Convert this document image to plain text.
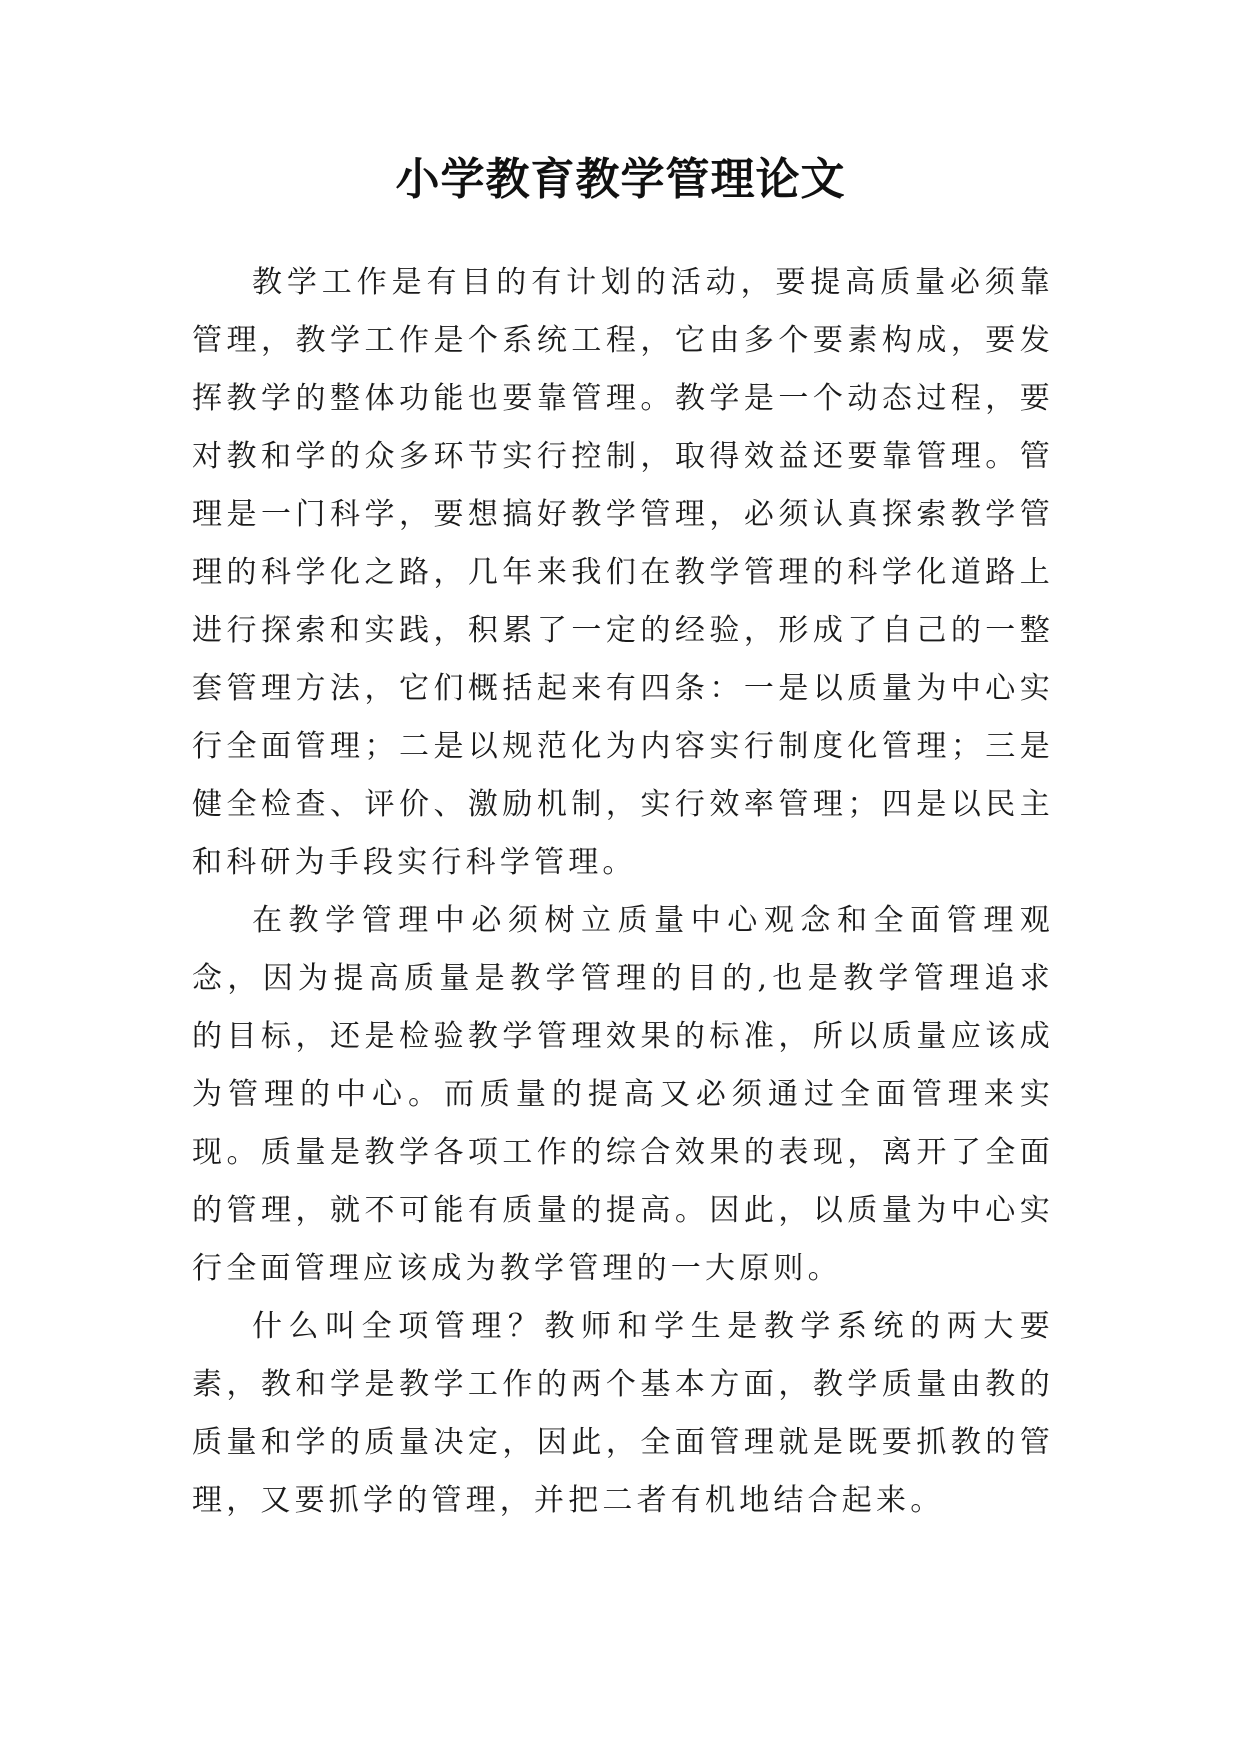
小学教育教学管理论文

教学工作是有目的有计划的活动，要提高质量必须靠管理，教学工作是个系统工程，它由多个要素构成，要发挥教学的整体功能也要靠管理。教学是一个动态过程，要对教和学的众多环节实行控制，取得效益还要靠管理。管理是一门科学，要想搞好教学管理，必须认真探索教学管理的科学化之路，几年来我们在教学管理的科学化道路上进行探索和实践，积累了一定的经验，形成了自己的一整套管理方法，它们概括起来有四条：一是以质量为中心实行全面管理；二是以规范化为内容实行制度化管理；三是健全检查、评价、激励机制，实行效率管理；四是以民主和科研为手段实行科学管理。

在教学管理中必须树立质量中心观念和全面管理观念，因为提高质量是教学管理的目的,也是教学管理追求的目标，还是检验教学管理效果的标准，所以质量应该成为管理的中心。而质量的提高又必须通过全面管理来实现。质量是教学各项工作的综合效果的表现，离开了全面的管理，就不可能有质量的提高。因此，以质量为中心实行全面管理应该成为教学管理的一大原则。

什么叫全项管理？教师和学生是教学系统的两大要素，教和学是教学工作的两个基本方面，教学质量由教的质量和学的质量决定，因此，全面管理就是既要抓教的管理，又要抓学的管理，并把二者有机地结合起来。
